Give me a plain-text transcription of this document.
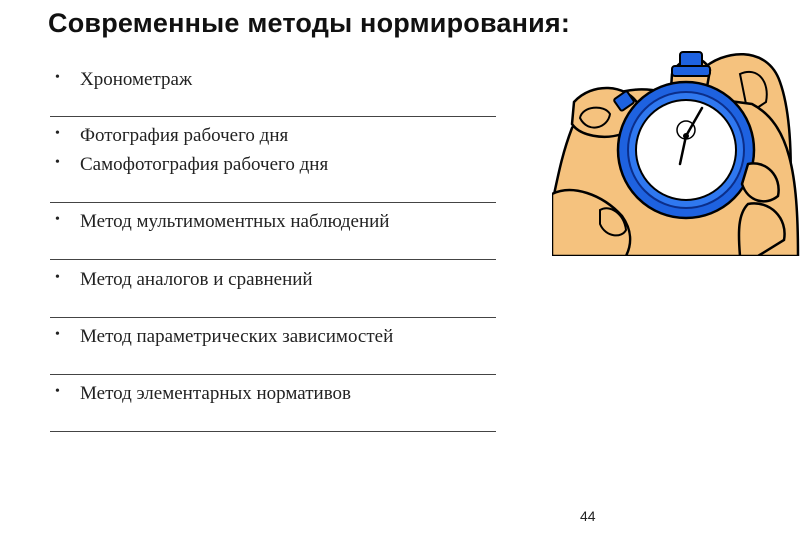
Современные методы нормирования:
• Хронометраж
• Фотография рабочего дня
• Самофотография рабочего дня
• Метод мультимоментных наблюдений
• Метод аналогов и сравнений
• Метод параметрических зависимостей
• Метод элементарных нормативов
44
